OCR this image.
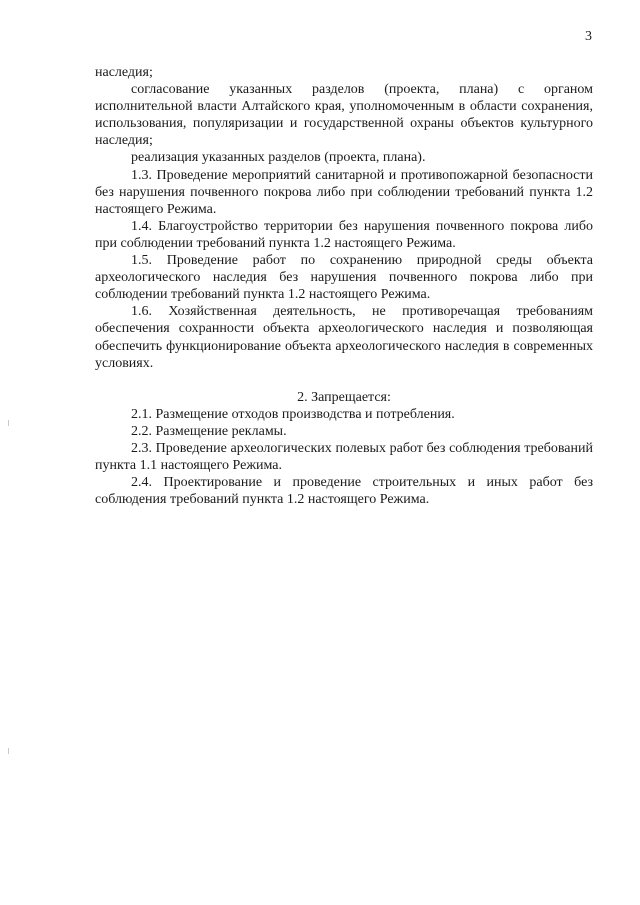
3

наследия;

согласование указанных разделов (проекта, плана) с органом исполнительной власти Алтайского края, уполномоченным в области сохранения, использования, популяризации и государственной охраны объектов культурного наследия;

реализация указанных разделов (проекта, плана).

1.3. Проведение мероприятий санитарной и противопожарной безопасности без нарушения почвенного покрова либо при соблюдении требований пункта 1.2 настоящего Режима.

1.4. Благоустройство территории без нарушения почвенного покрова либо при соблюдении требований пункта 1.2 настоящего Режима.

1.5. Проведение работ по сохранению природной среды объекта археологического наследия без нарушения почвенного покрова либо при соблюдении требований пункта 1.2 настоящего Режима.

1.6. Хозяйственная деятельность, не противоречащая требованиям обеспечения сохранности объекта археологического наследия и позволяющая обеспечить функционирование объекта археологического наследия в современных условиях.

2. Запрещается:

2.1. Размещение отходов производства и потребления.

2.2. Размещение рекламы.

2.3. Проведение археологических полевых работ без соблюдения требований пункта 1.1 настоящего Режима.

2.4. Проектирование и проведение строительных и иных работ без соблюдения требований пункта 1.2 настоящего Режима.
